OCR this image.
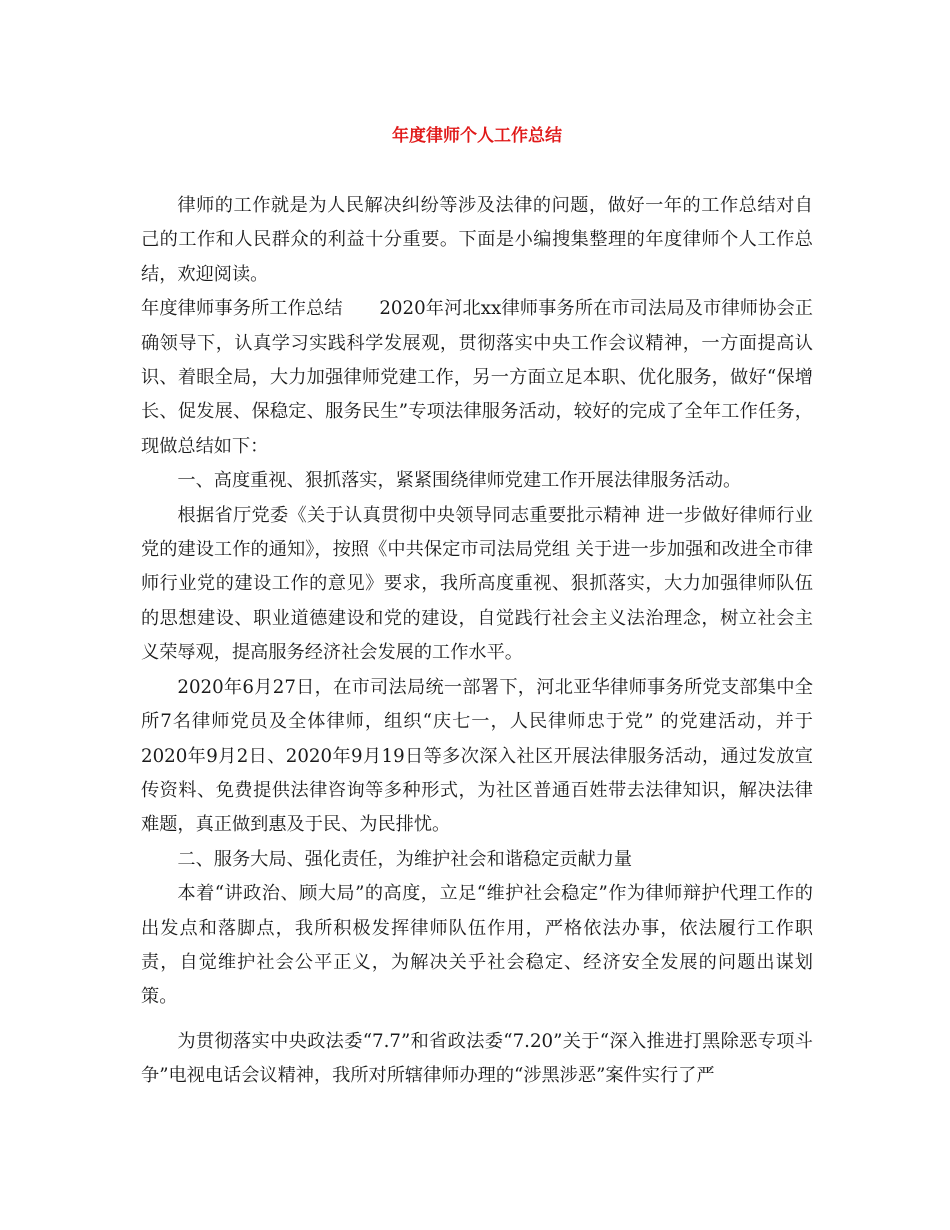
年度律师个人工作总结

律师的工作就是为人民解决纠纷等涉及法律的问题，做好一年的工作总结对自己的工作和人民群众的利益十分重要。下面是小编搜集整理的年度律师个人工作总结，欢迎阅读。

年度律师事务所工作总结　　2020年河北xx律师事务所在市司法局及市律师协会正确领导下，认真学习实践科学发展观，贯彻落实中央工作会议精神，一方面提高认识、着眼全局，大力加强律师党建工作，另一方面立足本职、优化服务，做好“保增长、促发展、保稳定、服务民生”专项法律服务活动，较好的完成了全年工作任务，现做总结如下：

一、高度重视、狠抓落实，紧紧围绕律师党建工作开展法律服务活动。

根据省厅党委《关于认真贯彻中央领导同志重要批示精神 进一步做好律师行业党的建设工作的通知》，按照《中共保定市司法局党组 关于进一步加强和改进全市律师行业党的建设工作的意见》要求，我所高度重视、狠抓落实，大力加强律师队伍的思想建设、职业道德建设和党的建设，自觉践行社会主义法治理念，树立社会主义荣辱观，提高服务经济社会发展的工作水平。

2020年6月27日，在市司法局统一部署下，河北亚华律师事务所党支部集中全所7名律师党员及全体律师，组织“庆七一，人民律师忠于党” 的党建活动，并于2020年9月2日、2020年9月19日等多次深入社区开展法律服务活动，通过发放宣传资料、免费提供法律咨询等多种形式，为社区普通百姓带去法律知识，解决法律难题，真正做到惠及于民、为民排忧。

二、服务大局、强化责任，为维护社会和谐稳定贡献力量

本着“讲政治、顾大局”的高度，立足“维护社会稳定”作为律师辩护代理工作的出发点和落脚点，我所积极发挥律师队伍作用，严格依法办事，依法履行工作职责，自觉维护社会公平正义，为解决关乎社会稳定、经济安全发展的问题出谋划策。

为贯彻落实中央政法委“7.7”和省政法委“7.20”关于“深入推进打黑除恶专项斗争”电视电话会议精神，我所对所辖律师办理的“涉黑涉恶”案件实行了严
